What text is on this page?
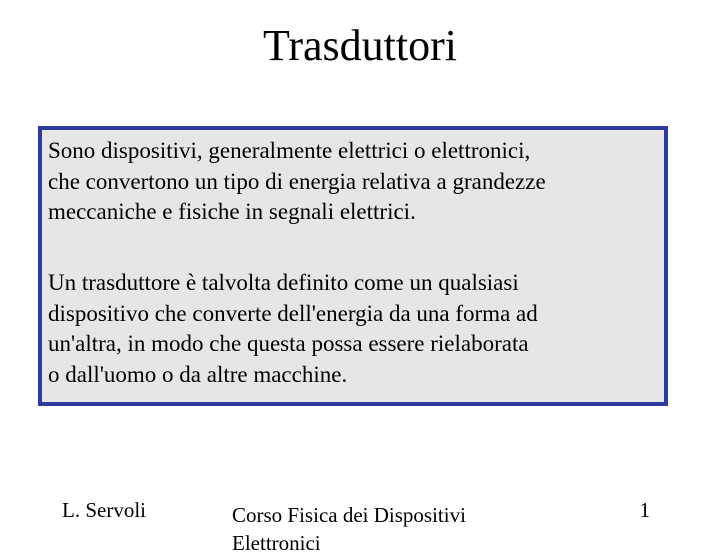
Trasduttori

Sono dispositivi, generalmente elettrici o elettronici,
che convertono un tipo di energia relativa a grandezze
meccaniche e fisiche in segnali elettrici.

Un trasduttore è talvolta definito come un qualsiasi
dispositivo che converte dell'energia da una forma ad
un'altra, in modo che questa possa essere rielaborata
o dall'uomo o da altre macchine.

L. Servoli	Corso Fisica dei Dispositivi Elettronici
1
